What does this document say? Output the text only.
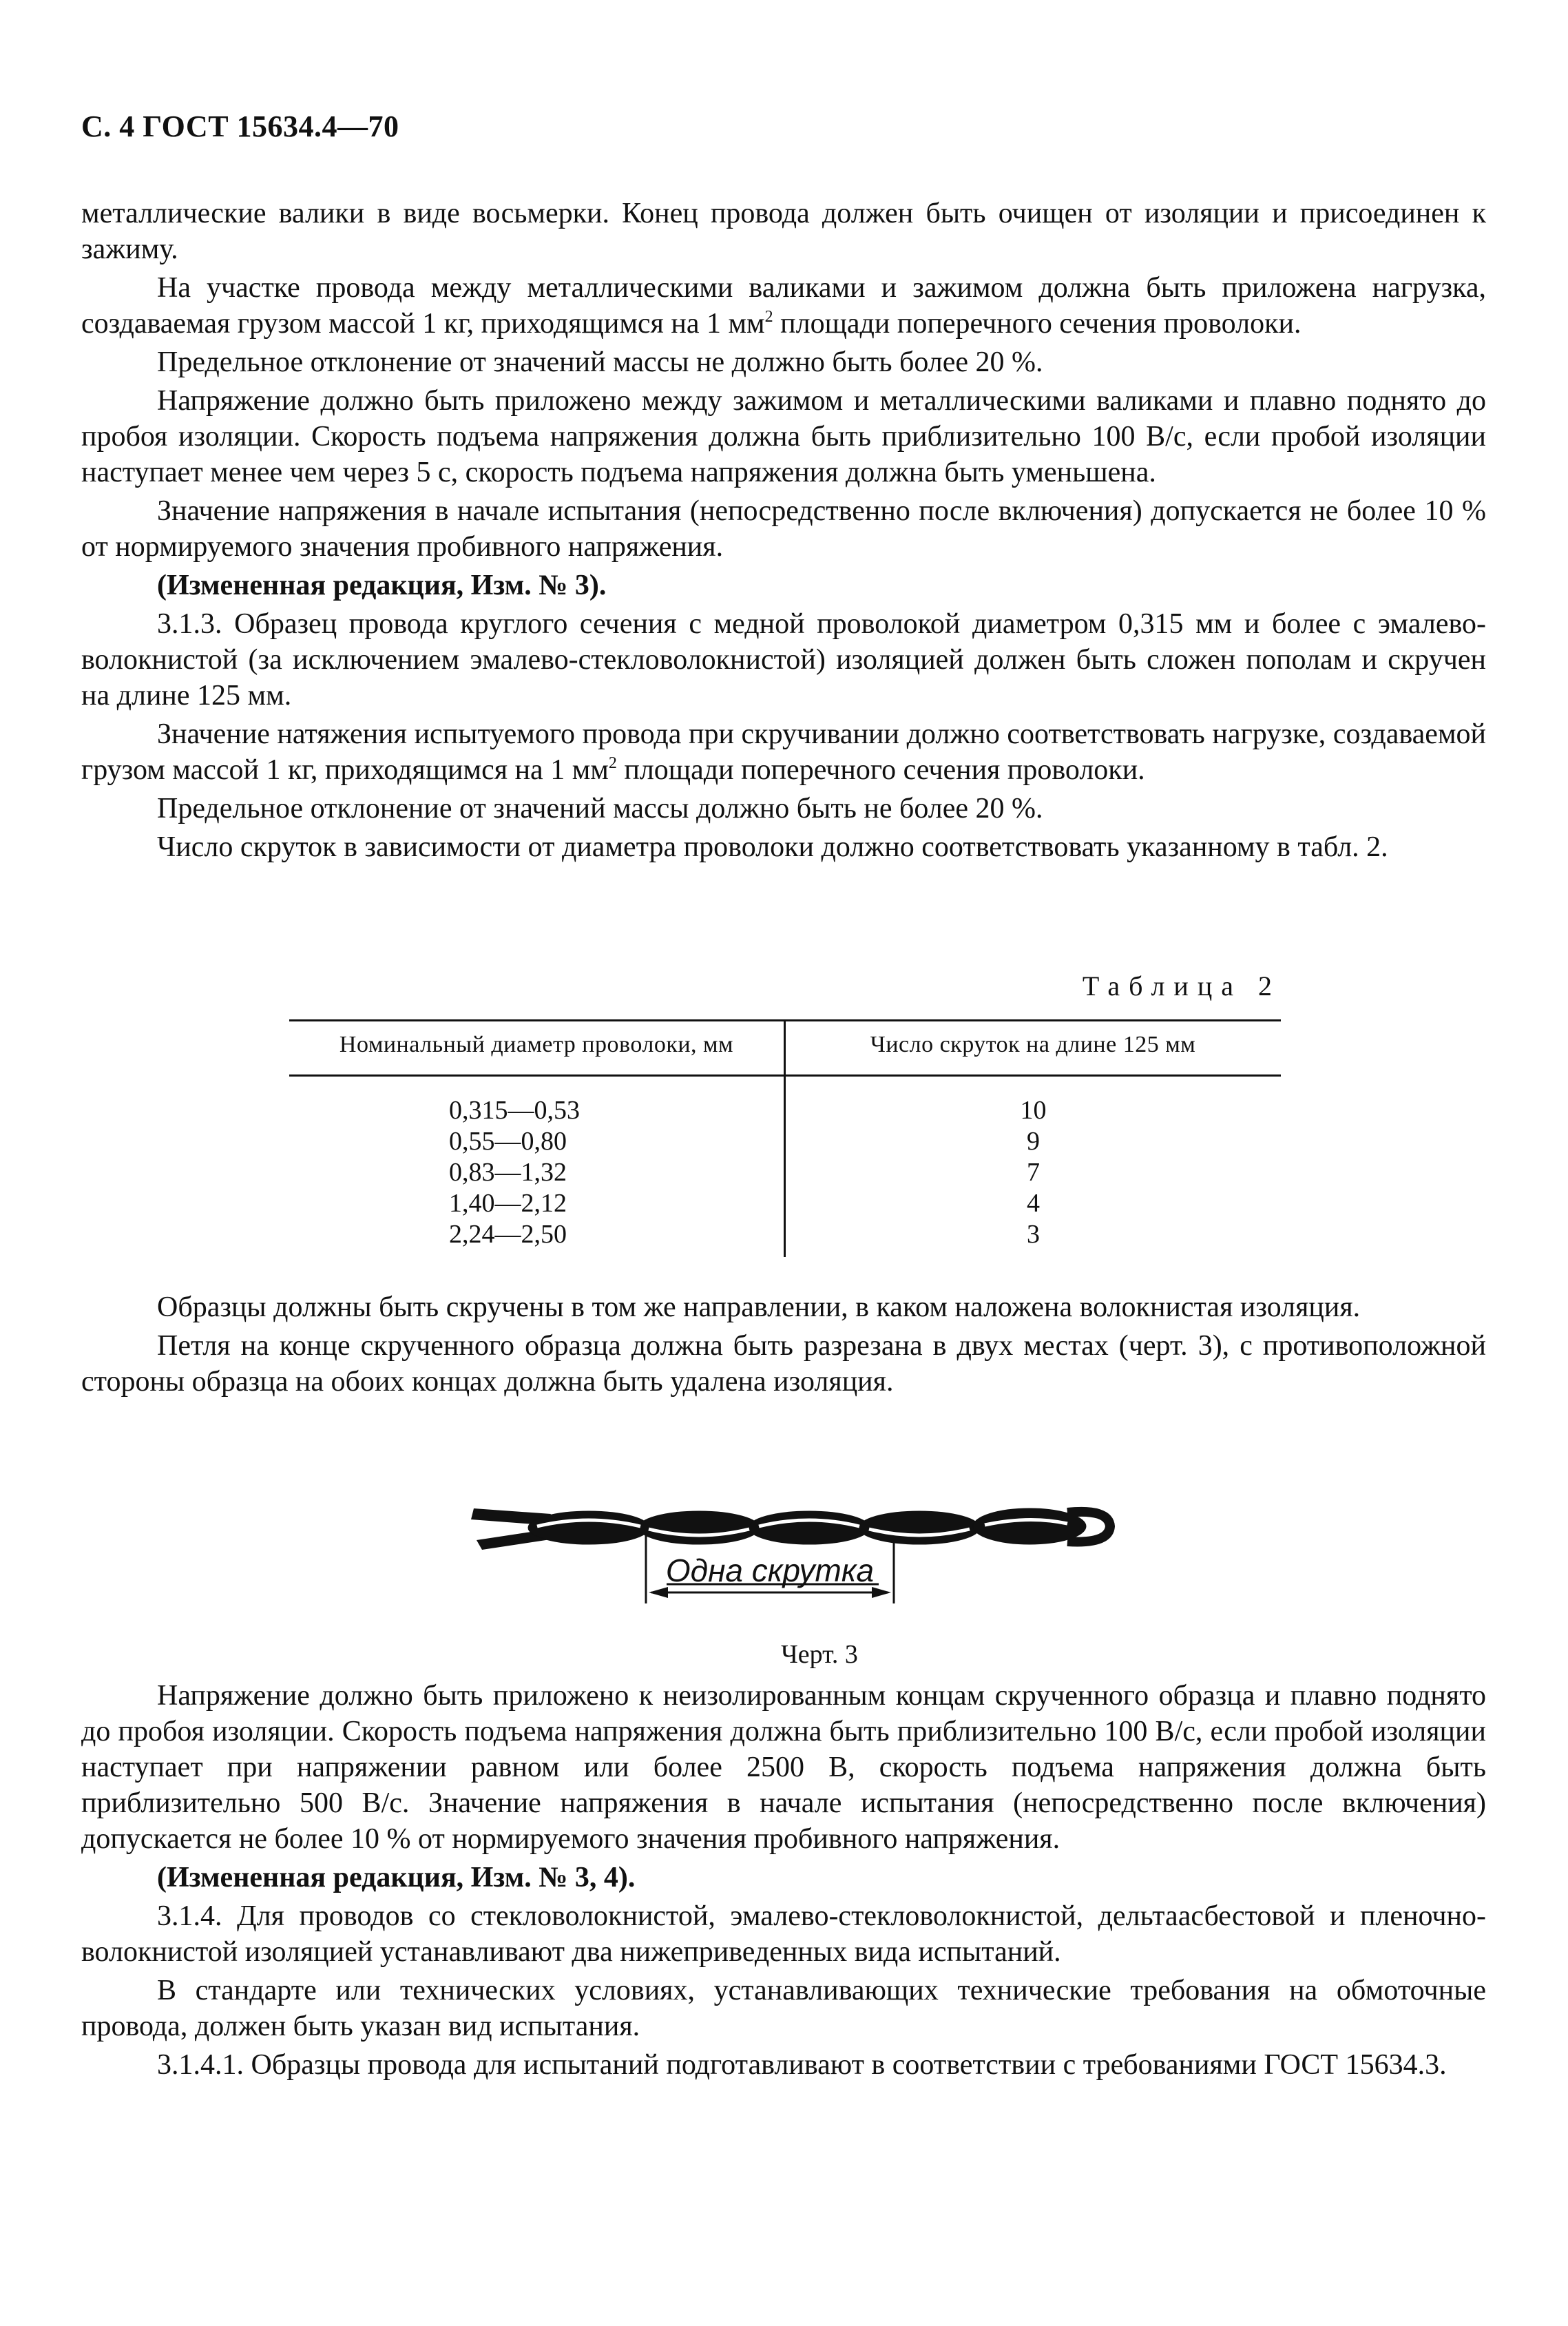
С. 4 ГОСТ 15634.4—70

металлические валики в виде восьмерки. Конец провода должен быть очищен от изоляции и присоединен к зажиму.

На участке провода между металлическими валиками и зажимом должна быть приложена нагрузка, создаваемая грузом массой 1 кг, приходящимся на 1 $мм^2$ площади поперечного сечения проволоки.

Предельное отклонение от значений массы не должно быть более 20 %.

Напряжение должно быть приложено между зажимом и металлическими валиками и плавно поднято до пробоя изоляции. Скорость подъема напряжения должна быть приблизительно 100 В/с, если пробой изоляции наступает менее чем через 5 с, скорость подъема напряжения должна быть уменьшена.

Значение напряжения в начале испытания (непосредственно после включения) допускается не более 10 % от нормируемого значения пробивного напряжения.

(Измененная редакция, Изм. № 3).

3.1.3. Образец провода круглого сечения с медной проволокой диаметром 0,315 мм и более с эмалево-волокнистой (за исключением эмалево-стекловолокнистой) изоляцией должен быть сложен пополам и скручен на длине 125 мм.

Значение натяжения испытуемого провода при скручивании должно соответствовать нагрузке, создаваемой грузом массой 1 кг, приходящимся на 1 $мм^2$ площади поперечного сечения проволоки.

Предельное отклонение от значений массы должно быть не более 20 %.

Число скруток в зависимости от диаметра проволоки должно соответствовать указанному в табл. 2.

Таблица 2
Номинальный диаметр проволоки, мм	Число скруток на длине 125 мм
0,315—0,53
0,55—0,80
0,83—1,32
1,40—2,12
2,24—2,50
10
9
7
4
3

Образцы должны быть скручены в том же направлении, в каком наложена волокнистая изоляция.

Петля на конце скрученного образца должна быть разрезана в двух местах (черт. 3), с противоположной стороны образца на обоих концах должна быть удалена изоляция.

Одна скрутка
Черт. 3

Напряжение должно быть приложено к неизолированным концам скрученного образца и плавно поднято до пробоя изоляции. Скорость подъема напряжения должна быть приблизительно 100 В/с, если пробой изоляции наступает при напряжении равном или более 2500 В, скорость подъема напряжения должна быть приблизительно 500 В/с. Значение напряжения в начале испытания (непосредственно после включения) допускается не более 10 % от нормируемого значения пробивного напряжения.

(Измененная редакция, Изм. № 3, 4).

3.1.4. Для проводов со стекловолокнистой, эмалево-стекловолокнистой, дельтаасбестовой и пленочно-волокнистой изоляцией устанавливают два нижеприведенных вида испытаний.

В стандарте или технических условиях, устанавливающих технические требования на обмоточные провода, должен быть указан вид испытания.

3.1.4.1. Образцы провода для испытаний подготавливают в соответствии с требованиями ГОСТ 15634.3.
